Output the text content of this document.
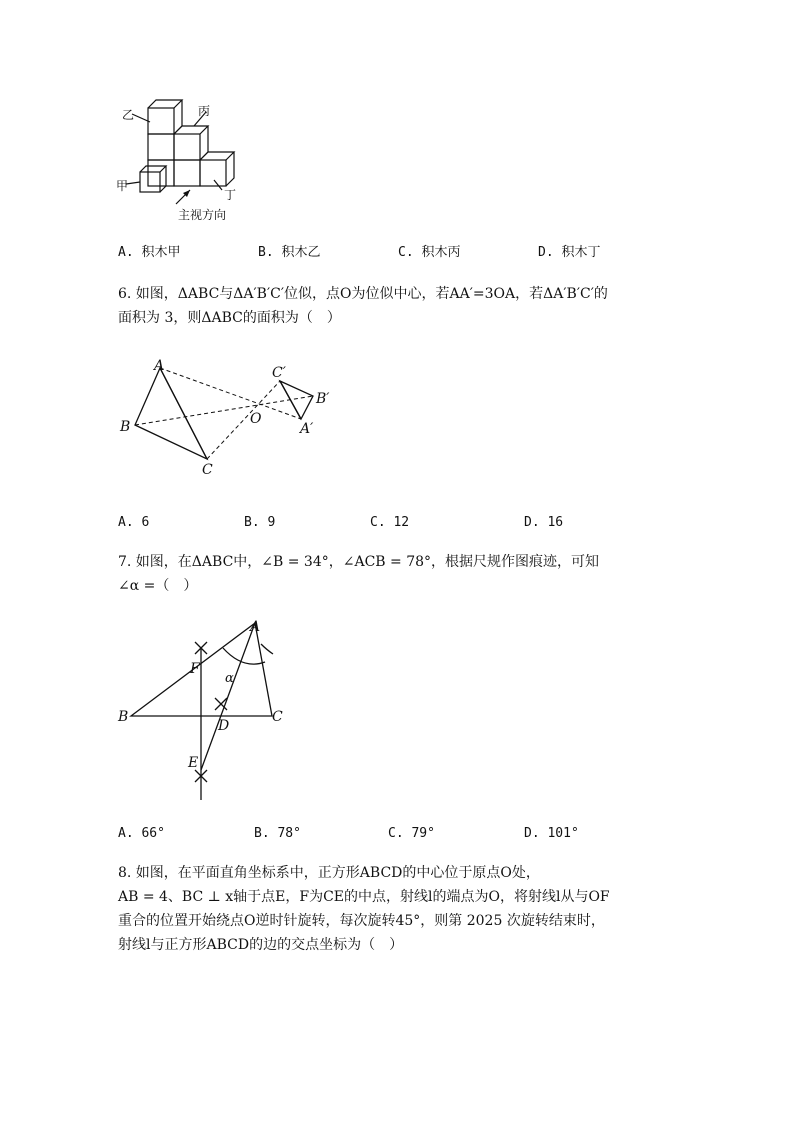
乙	丙
甲
丁
主视方向
A. 积木甲	B. 积木乙	C. 积木丙	D. 积木丁
6. 如图，ΔABC与ΔA′B′C′位似，点O为位似中心，若AA′=3OA，若ΔA′B′C′的
面积为 3，则ΔABC的面积为（　）
A
B
C
O
A′
B′
C′
A. 6	B. 9	C. 12	D. 16
7. 如图，在ΔABC中，∠B = 34°，∠ACB = 78°，根据尺规作图痕迹，可知
∠α =（　）
A
B	C
D
E
F
α
A. 66°	B. 78°	C. 79°	D. 101°
8. 如图，在平面直角坐标系中，正方形ABCD的中心位于原点O处，
AB = 4、BC ⊥ x轴于点E，F为CE的中点，射线l的端点为O，将射线l从与OF
重合的位置开始绕点O逆时针旋转，每次旋转45°，则第 2025 次旋转结束时，
射线l与正方形ABCD的边的交点坐标为（　）
